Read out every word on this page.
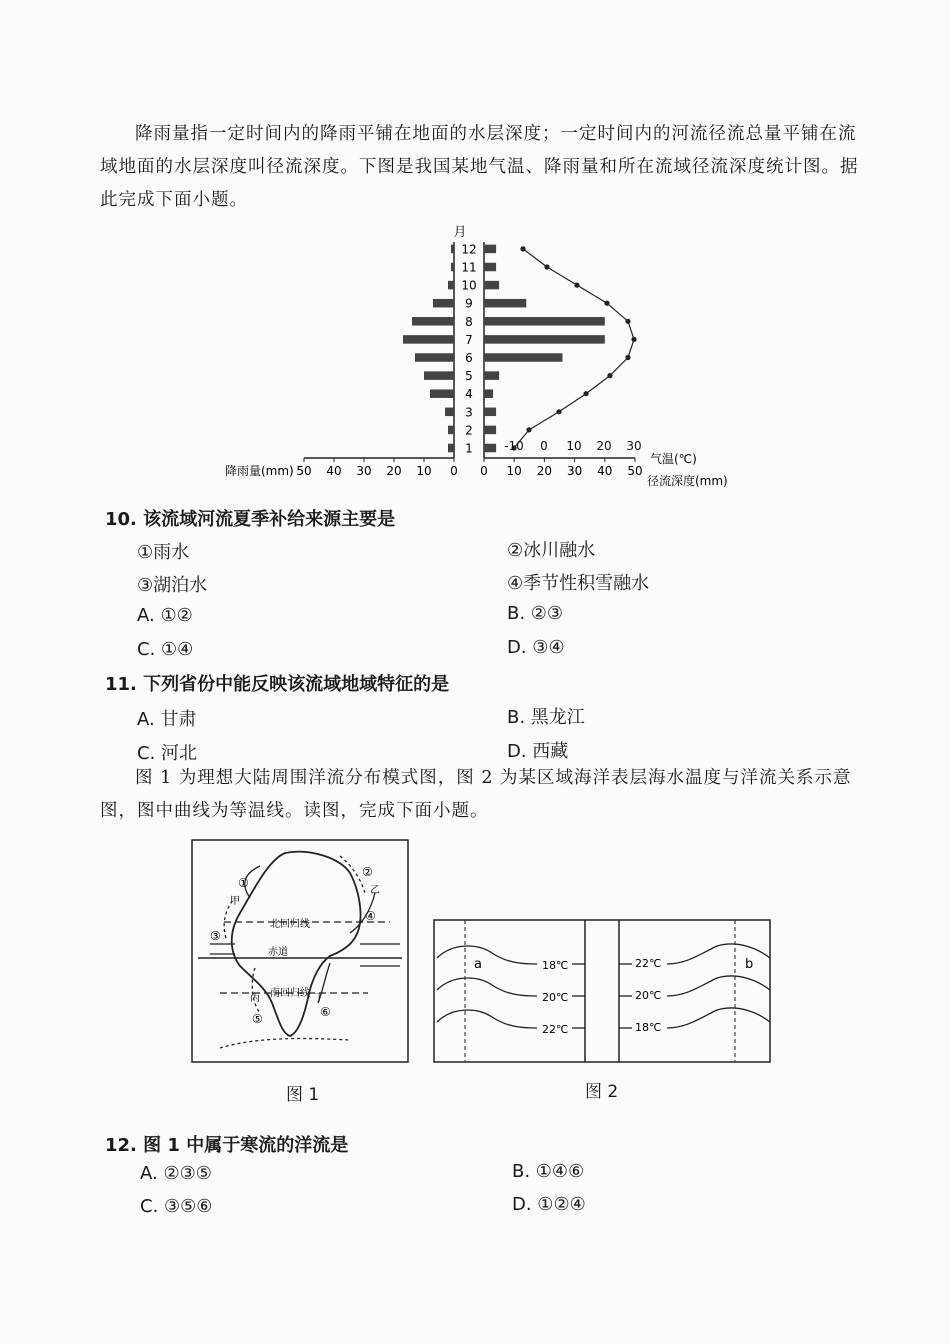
降雨量指一定时间内的降雨平铺在地面的水层深度；一定时间内的河流径流总量平铺在流域地面的水层深度叫径流深度。下图是我国某地气温、降雨量和所在流域径流深度统计图。据此完成下面小题。
月
1
2
3
4
5
6
7
8
9
10
11
12
50 40 30 20 10 0 0 10 20 30 40 50
-10 0 10 20 30
降雨量(mm)
气温(℃)
径流深度(mm)
10. 该流域河流夏季补给来源主要是
①雨水	②冰川融水
③湖泊水	④季节性积雪融水
A. ①②	B. ②③
C. ①④	D. ③④
11. 下列省份中能反映该流域地域特征的是
A. 甘肃	B. 黑龙江
C. 河北	D. 西藏
图 1 为理想大陆周围洋流分布模式图，图 2 为某区域海洋表层海水温度与洋流关系示意图，图中曲线为等温线。读图，完成下面小题。
北回归线
赤道
南回归线
①
甲
②
乙
③
④
丙
⑤
丁
⑥
图 1
a	b
18℃
20℃
22℃
22℃
20℃
18℃
图 2
12. 图 1 中属于寒流的洋流是
A. ②③⑤	B. ①④⑥
C. ③⑤⑥	D. ①②④
